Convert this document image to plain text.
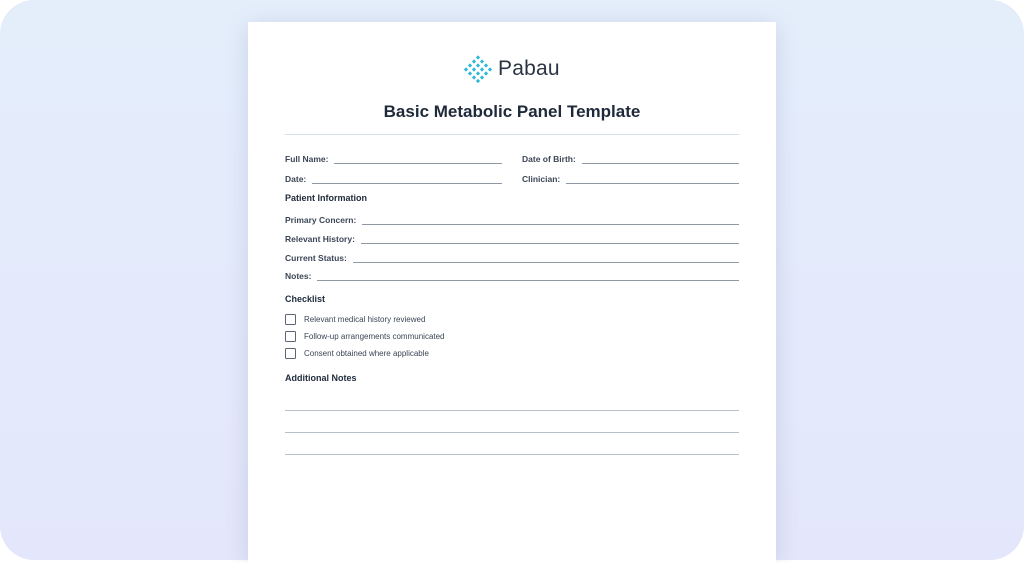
Pabau
Basic Metabolic Panel Template
Full Name:	Date of Birth:
Date:	Clinician:
Patient Information
Primary Concern:
Relevant History:
Current Status:
Notes:
Checklist
Relevant medical history reviewed
Follow-up arrangements communicated
Consent obtained where applicable
Additional Notes
